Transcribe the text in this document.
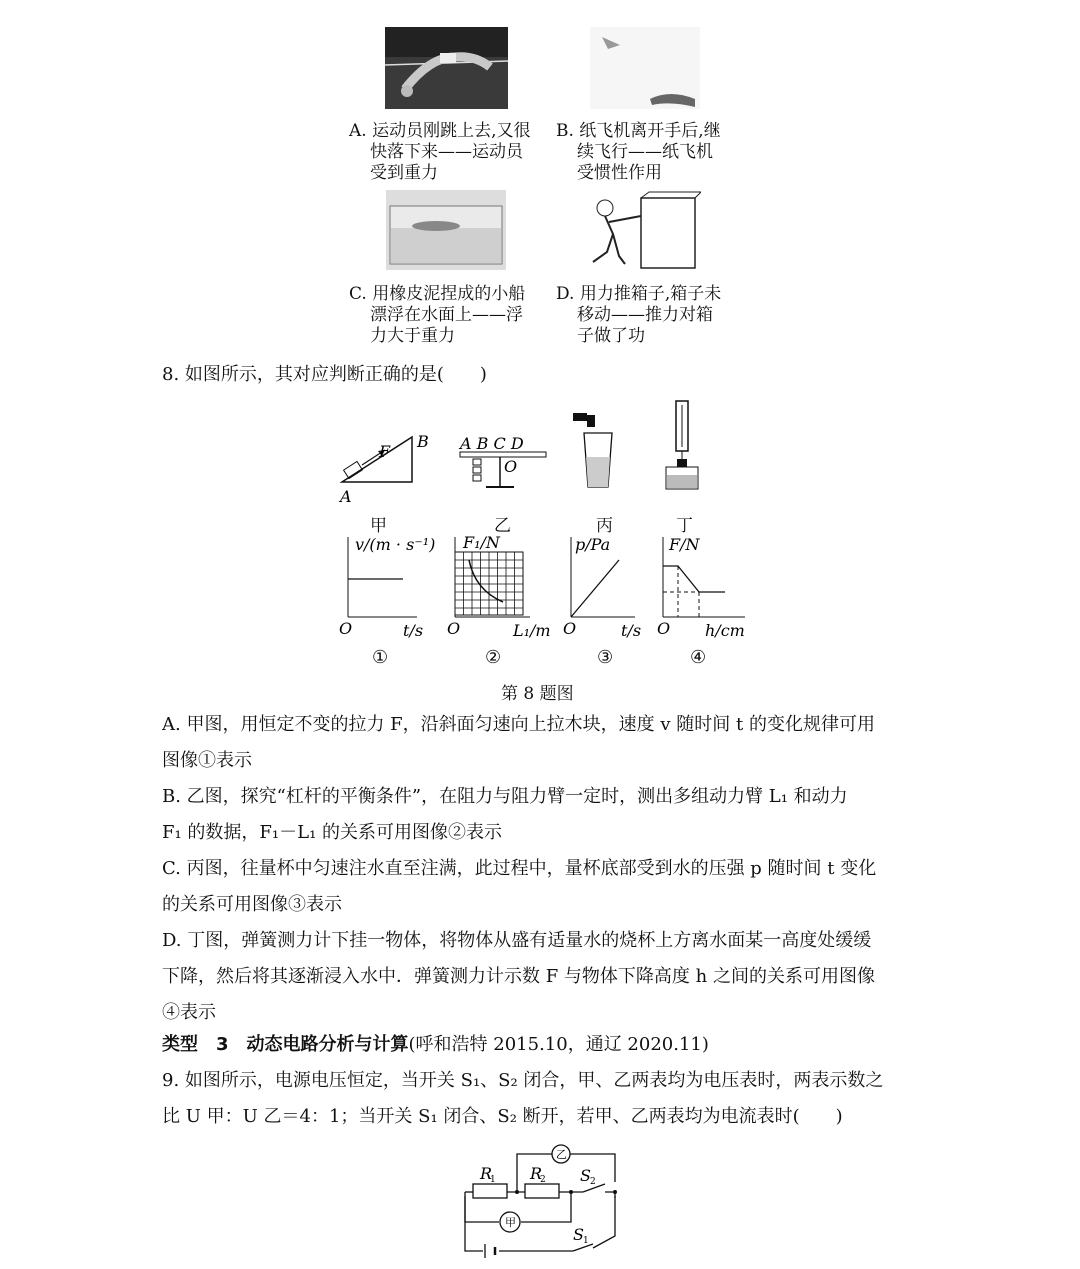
A. 运动员刚跳上去,又很
快落下来——运动员
受到重力
B. 纸飞机离开手后,继
续飞行——纸飞机
受惯性作用
C. 用橡皮泥捏成的小船
漂浮在水面上——浮
力大于重力
D. 用力推箱子,箱子未
移动——推力对箱
子做了功
8. 如图所示，其对应判断正确的是(　　)
F
B
A
A B C D
O
甲	乙	丙	丁
v/(m · s⁻¹)
t/s
O
F₁/N
L₁/m
O
p/Pa
t/s
O
F/N
h/cm
O
①	②	③	④
第 8 题图
A. 甲图，用恒定不变的拉力 F，沿斜面匀速向上拉木块，速度 v 随时间 t 的变化规律可用
图像①表示
B. 乙图，探究“杠杆的平衡条件”，在阻力与阻力臂一定时，测出多组动力臂 L₁ 和动力
F₁ 的数据，F₁－L₁ 的关系可用图像②表示
C. 丙图，往量杯中匀速注水直至注满，此过程中，量杯底部受到水的压强 p 随时间 t 变化
的关系可用图像③表示
D. 丁图，弹簧测力计下挂一物体，将物体从盛有适量水的烧杯上方离水面某一高度处缓缓
下降，然后将其逐渐浸入水中．弹簧测力计示数 F 与物体下降高度 h 之间的关系可用图像
④表示
类型　3　动态电路分析与计算(呼和浩特 2015.10，通辽 2020.11)
9. 如图所示，电源电压恒定，当开关 S₁、S₂ 闭合，甲、乙两表均为电压表时，两表示数之
比 U 甲：U 乙＝4：1；当开关 S₁ 闭合、S₂ 断开，若甲、乙两表均为电流表时(　　)
乙
甲
R
1 R
2 S 2
S 1
